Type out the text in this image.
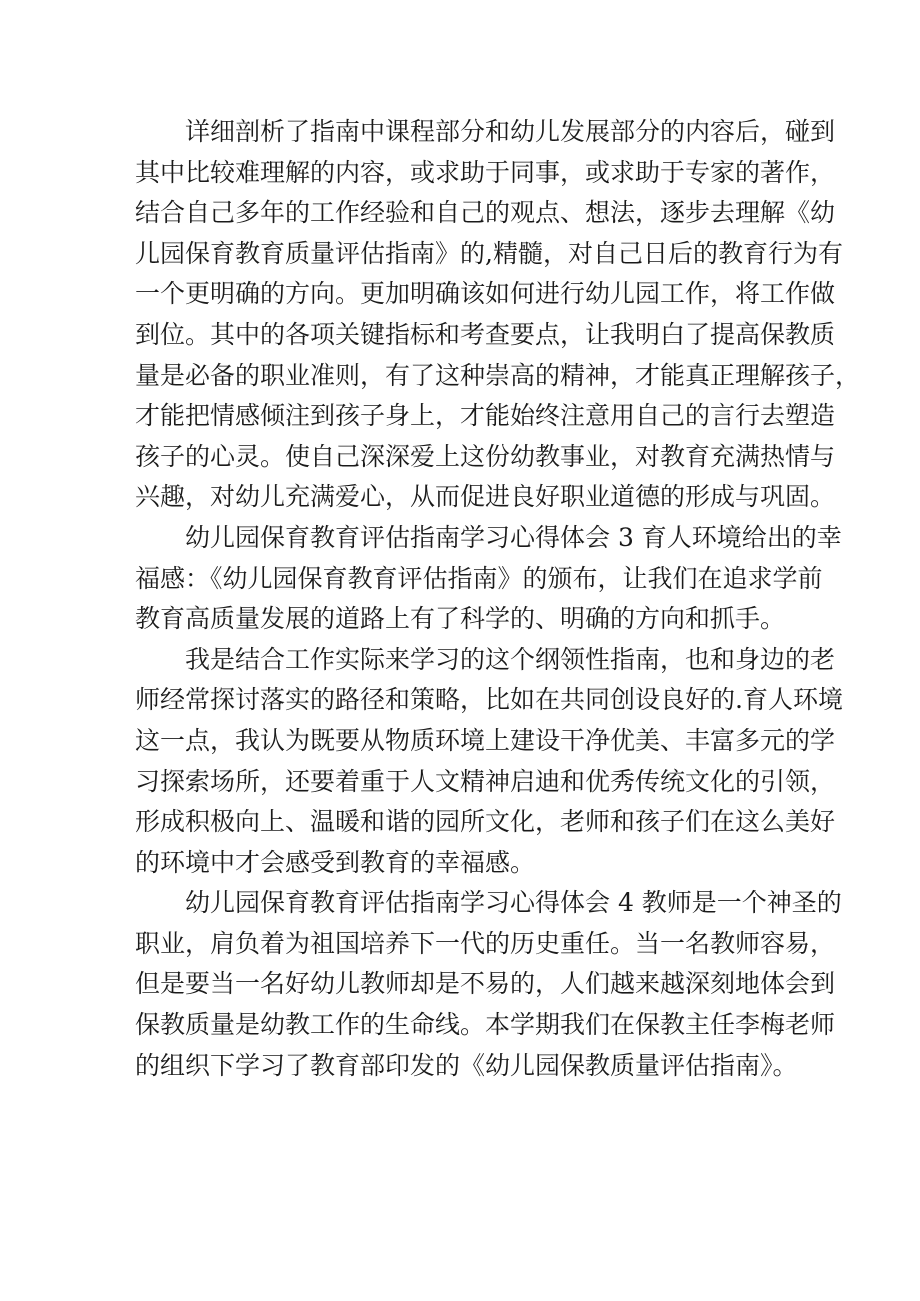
详细剖析了指南中课程部分和幼儿发展部分的内容后，碰到
其中比较难理解的内容，或求助于同事，或求助于专家的著作，
结合自己多年的工作经验和自己的观点、想法，逐步去理解《幼
儿园保育教育质量评估指南》的,精髓，对自己日后的教育行为有
一个更明确的方向。更加明确该如何进行幼儿园工作，将工作做
到位。其中的各项关键指标和考查要点，让我明白了提高保教质
量是必备的职业准则，有了这种崇高的精神，才能真正理解孩子，
才能把情感倾注到孩子身上，才能始终注意用自己的言行去塑造
孩子的心灵。使自己深深爱上这份幼教事业，对教育充满热情与
兴趣，对幼儿充满爱心，从而促进良好职业道德的形成与巩固。
幼儿园保育教育评估指南学习心得体会 3 育人环境给出的幸
福感：《幼儿园保育教育评估指南》的颁布，让我们在追求学前
教育高质量发展的道路上有了科学的、明确的方向和抓手。
我是结合工作实际来学习的这个纲领性指南，也和身边的老
师经常探讨落实的路径和策略，比如在共同创设良好的.育人环境
这一点，我认为既要从物质环境上建设干净优美、丰富多元的学
习探索场所，还要着重于人文精神启迪和优秀传统文化的引领，
形成积极向上、温暖和谐的园所文化，老师和孩子们在这么美好
的环境中才会感受到教育的幸福感。
幼儿园保育教育评估指南学习心得体会 4 教师是一个神圣的
职业，肩负着为祖国培养下一代的历史重任。当一名教师容易，
但是要当一名好幼儿教师却是不易的，人们越来越深刻地体会到
保教质量是幼教工作的生命线。本学期我们在保教主任李梅老师
的组织下学习了教育部印发的《幼儿园保教质量评估指南》。
